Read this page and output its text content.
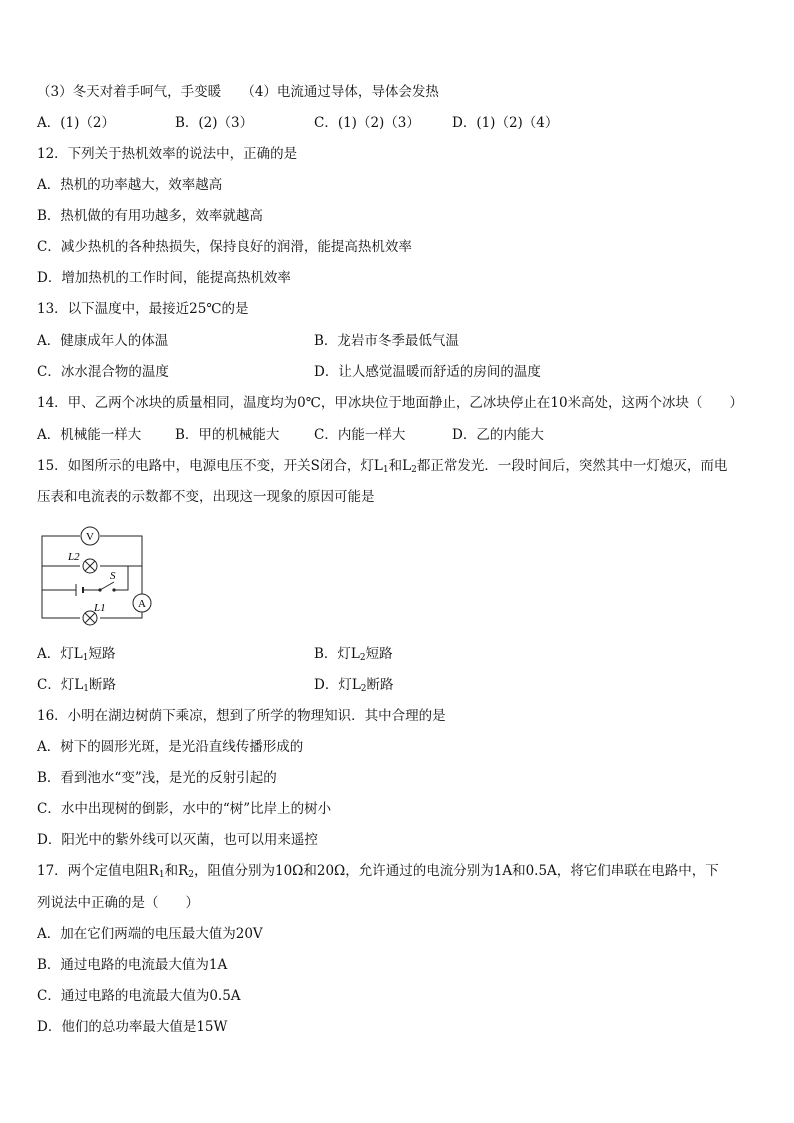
（3）冬天对着手呵气，手变暖　　（4）电流通过导体，导体会发热
A．(1)（2）	B．(2)（3）	C．(1)（2)（3） D．(1)（2)（4）
12．下列关于热机效率的说法中，正确的是
A．热机的功率越大，效率越高
B．热机做的有用功越多，效率就越高
C．减少热机的各种热损失，保持良好的润滑，能提高热机效率
D．增加热机的工作时间，能提高热机效率
13．以下温度中，最接近25℃的是
A．健康成年人的体温	B．龙岩市冬季最低气温
C．冰水混合物的温度	D．让人感觉温暖而舒适的房间的温度
14．甲、乙两个冰块的质量相同，温度均为0℃，甲冰块位于地面静止，乙冰块停止在10米高处，这两个冰块（　　）
A．机械能一样大	B．甲的机械能大	C．内能一样大	D．乙的内能大
15．如图所示的电路中，电源电压不变，开关S闭合，灯$L_1$和$L_2$都正常发光．一段时间后，突然其中一灯熄灭，而电
压表和电流表的示数都不变，出现这一现象的原因可能是
V
L2
S
L1	A
A．灯$L_1$短路	B．灯$L_2$短路
C．灯$L_1$断路	D．灯$L_2$断路
16．小明在湖边树荫下乘凉，想到了所学的物理知识．其中合理的是
A．树下的圆形光斑，是光沿直线传播形成的
B．看到池水“变”浅，是光的反射引起的
C．水中出现树的倒影，水中的“树”比岸上的树小
D．阳光中的紫外线可以灭菌，也可以用来遥控
17．两个定值电阻$R_1$和$R_2$，阻值分别为10Ω和20Ω，允许通过的电流分别为1A和0.5A，将它们串联在电路中，下
列说法中正确的是（　　）
A．加在它们两端的电压最大值为20V
B．通过电路的电流最大值为1A
C．通过电路的电流最大值为0.5A
D．他们的总功率最大值是15W
